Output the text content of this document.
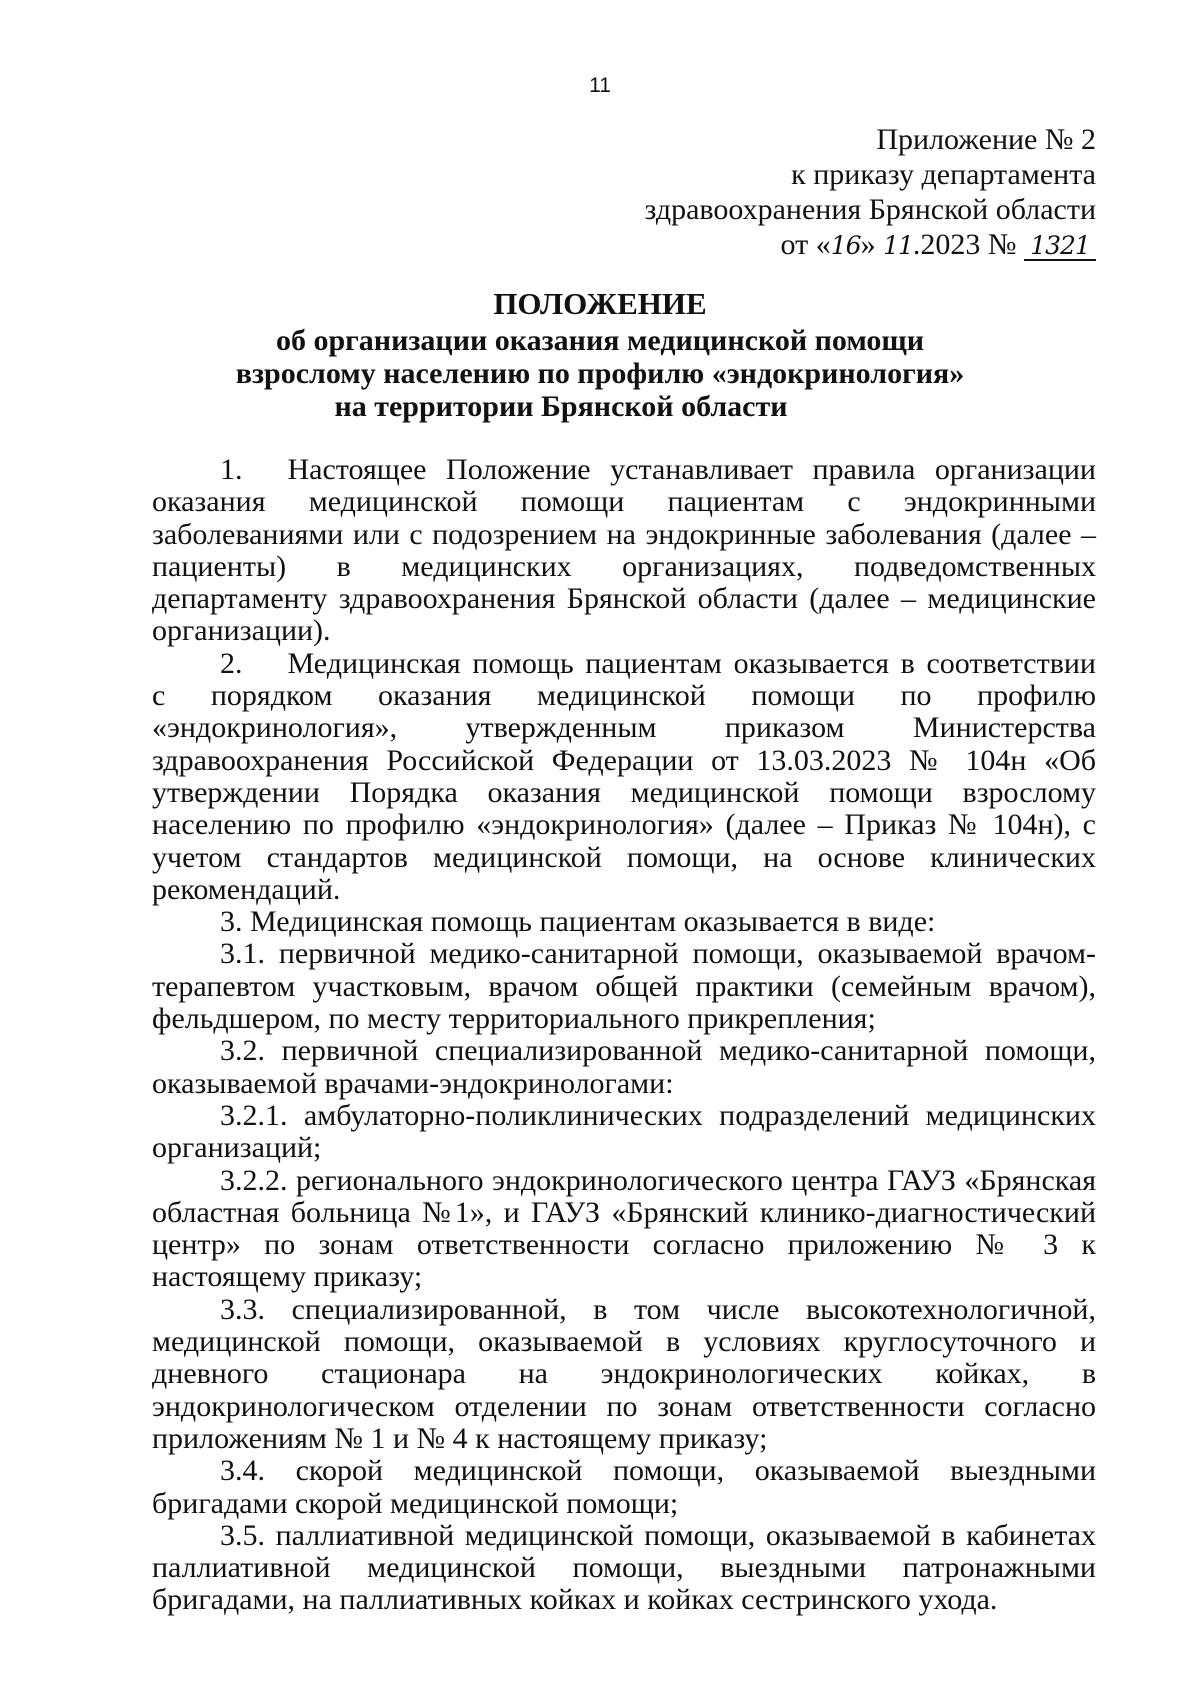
11
Приложение № 2
к приказу департамента
здравоохранения Брянской области
от «16» 11.2023 № 1321
ПОЛОЖЕНИЕ
об организации оказания медицинской помощи
взрослому населению по профилю «эндокринология»
на территории Брянской области

1.  Настоящее Положение устанавливает правила организации оказания медицинской помощи пациентам с эндокринными заболеваниями или с подозрением на эндокринные заболевания (далее – пациенты) в медицинских организациях, подведомственных департаменту здравоохранения Брянской области (далее – медицинские организации).

2.  Медицинская помощь пациентам оказывается в соответствии с порядком оказания медицинской помощи по профилю «эндокринология», утвержденным приказом Министерства здравоохранения Российской Федерации от 13.03.2023 № 104н «Об утверждении Порядка оказания медицинской помощи взрослому населению по профилю «эндокринология» (далее – Приказ № 104н), с учетом стандартов медицинской помощи, на основе клинических рекомендаций.

3. Медицинская помощь пациентам оказывается в виде:

3.1. первичной медико-санитарной помощи, оказываемой врачом-терапевтом участковым, врачом общей практики (семейным врачом), фельдшером, по месту территориального прикрепления;

3.2. первичной специализированной медико-санитарной помощи, оказываемой врачами-эндокринологами:

3.2.1. амбулаторно-поликлинических подразделений медицинских организаций;

3.2.2. регионального эндокринологического центра ГАУЗ «Брянская областная больница №1», и ГАУЗ «Брянский клинико-диагностический центр» по зонам ответственности согласно приложению № 3 к настоящему приказу;

3.3. специализированной, в том числе высокотехнологичной, медицинской помощи, оказываемой в условиях круглосуточного и дневного стационара на эндокринологических койках, в эндокринологическом отделении по зонам ответственности согласно приложениям № 1 и № 4 к настоящему приказу;

3.4. скорой медицинской помощи, оказываемой выездными бригадами скорой медицинской помощи;

3.5. паллиативной медицинской помощи, оказываемой в кабинетах паллиативной медицинской помощи, выездными патронажными бригадами, на паллиативных койках и койках сестринского ухода.
